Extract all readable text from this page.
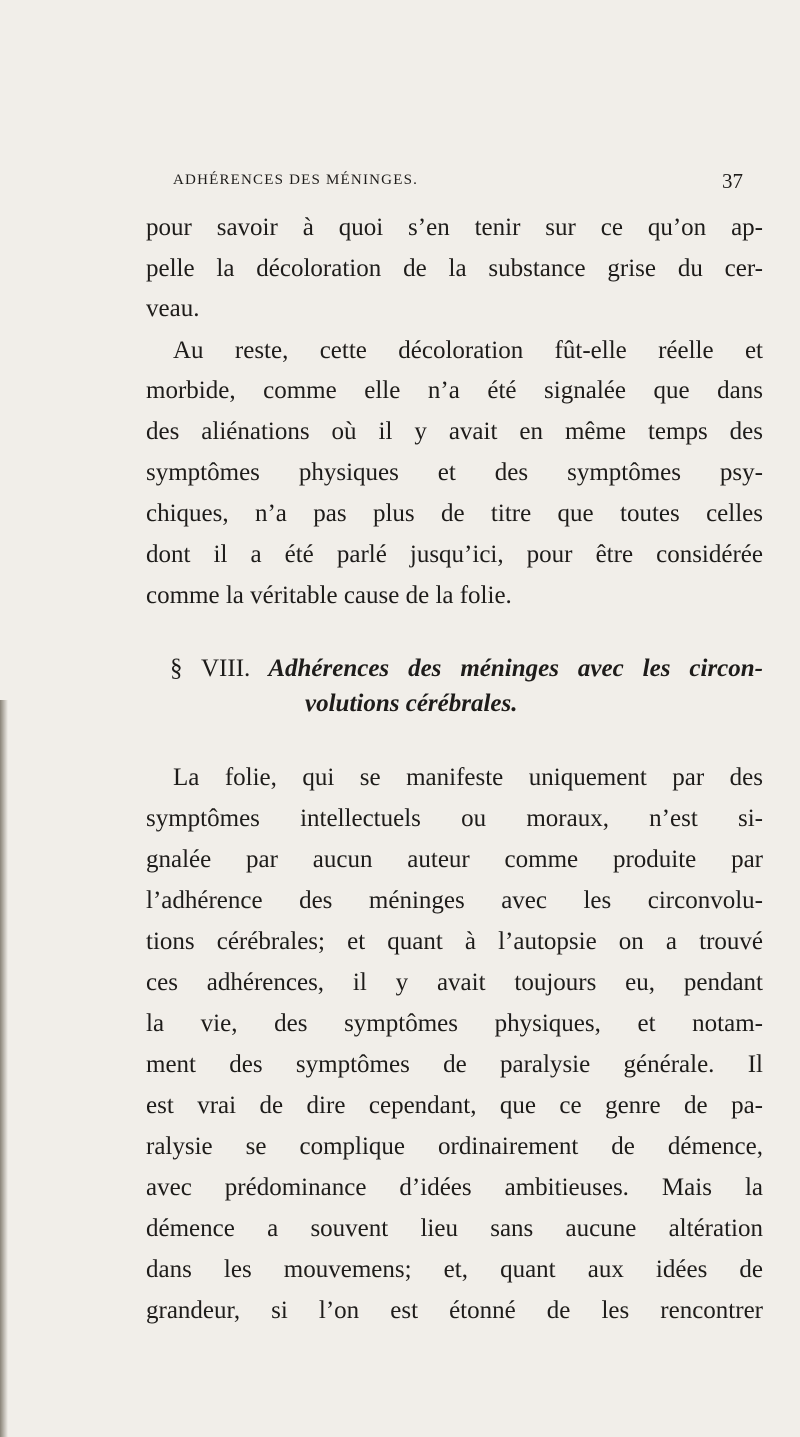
ADHÉRENCES DES MÉNINGES.	37
pour savoir à quoi s’en tenir sur ce qu’on ap-
pelle la décoloration de la substance grise du cer-
veau.
Au reste, cette décoloration fût-elle réelle et
morbide, comme elle n’a été signalée que dans
des aliénations où il y avait en même temps des
symptômes physiques et des symptômes psy-
chiques, n’a pas plus de titre que toutes celles
dont il a été parlé jusqu’ici, pour être considérée
comme la véritable cause de la folie.
§ VIII. Adhérences des méninges avec les circon-
volutions cérébrales.
La folie, qui se manifeste uniquement par des
symptômes intellectuels ou moraux, n’est si-
gnalée par aucun auteur comme produite par
l’adhérence des méninges avec les circonvolu-
tions cérébrales; et quant à l’autopsie on a trouvé
ces adhérences, il y avait toujours eu, pendant
la vie, des symptômes physiques, et notam-
ment des symptômes de paralysie générale. Il
est vrai de dire cependant, que ce genre de pa-
ralysie se complique ordinairement de démence,
avec prédominance d’idées ambitieuses. Mais la
démence a souvent lieu sans aucune altération
dans les mouvemens; et, quant aux idées de
grandeur, si l’on est étonné de les rencontrer
